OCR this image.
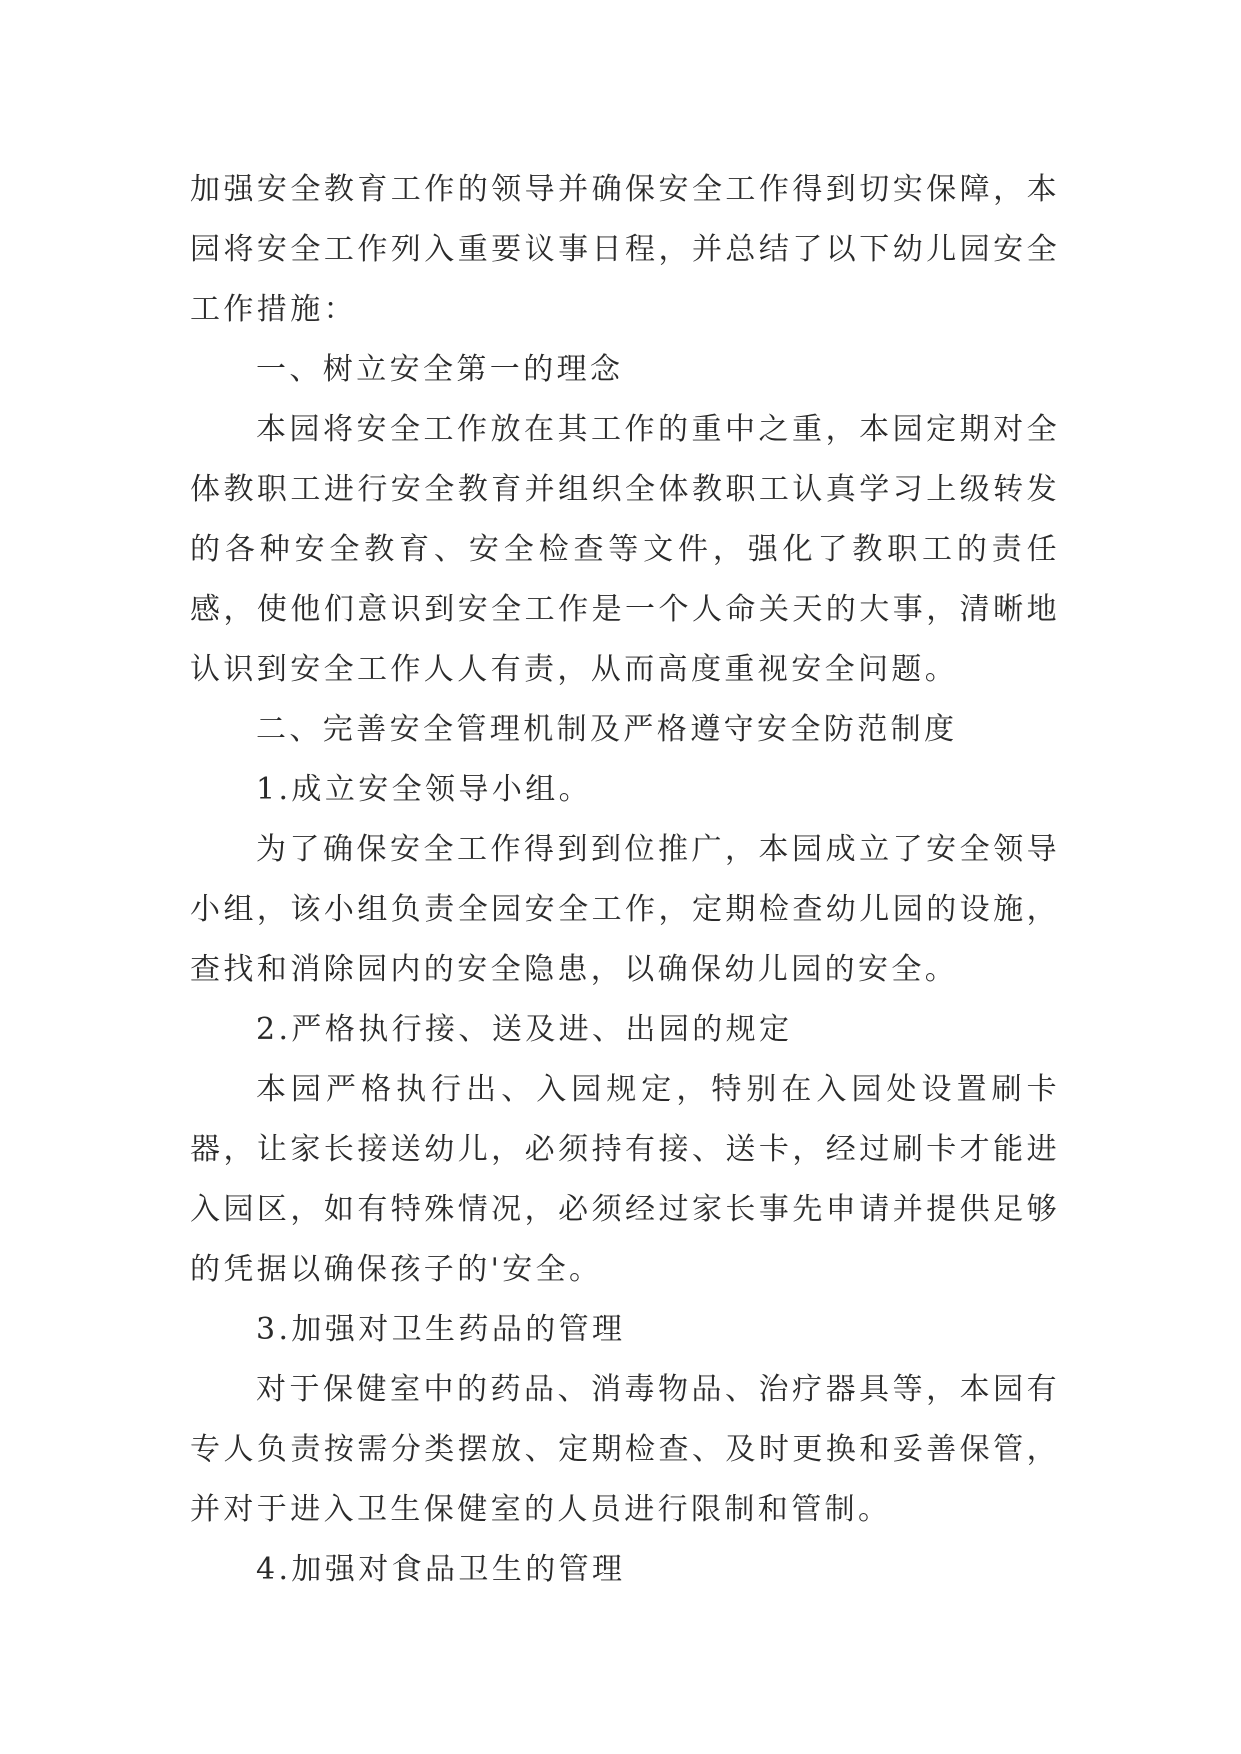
加强安全教育工作的领导并确保安全工作得到切实保障，本园将安全工作列入重要议事日程，并总结了以下幼儿园安全工作措施：

一、树立安全第一的理念

本园将安全工作放在其工作的重中之重，本园定期对全体教职工进行安全教育并组织全体教职工认真学习上级转发的各种安全教育、安全检查等文件，强化了教职工的责任感，使他们意识到安全工作是一个人命关天的大事，清晰地认识到安全工作人人有责，从而高度重视安全问题。

二、完善安全管理机制及严格遵守安全防范制度

1.成立安全领导小组。

为了确保安全工作得到到位推广，本园成立了安全领导小组，该小组负责全园安全工作，定期检查幼儿园的设施，查找和消除园内的安全隐患，以确保幼儿园的安全。

2.严格执行接、送及进、出园的规定

本园严格执行出、入园规定，特别在入园处设置刷卡器，让家长接送幼儿，必须持有接、送卡，经过刷卡才能进入园区，如有特殊情况，必须经过家长事先申请并提供足够的凭据以确保孩子的'安全。

3.加强对卫生药品的管理

对于保健室中的药品、消毒物品、治疗器具等，本园有专人负责按需分类摆放、定期检查、及时更换和妥善保管，并对于进入卫生保健室的人员进行限制和管制。

4.加强对食品卫生的管理
